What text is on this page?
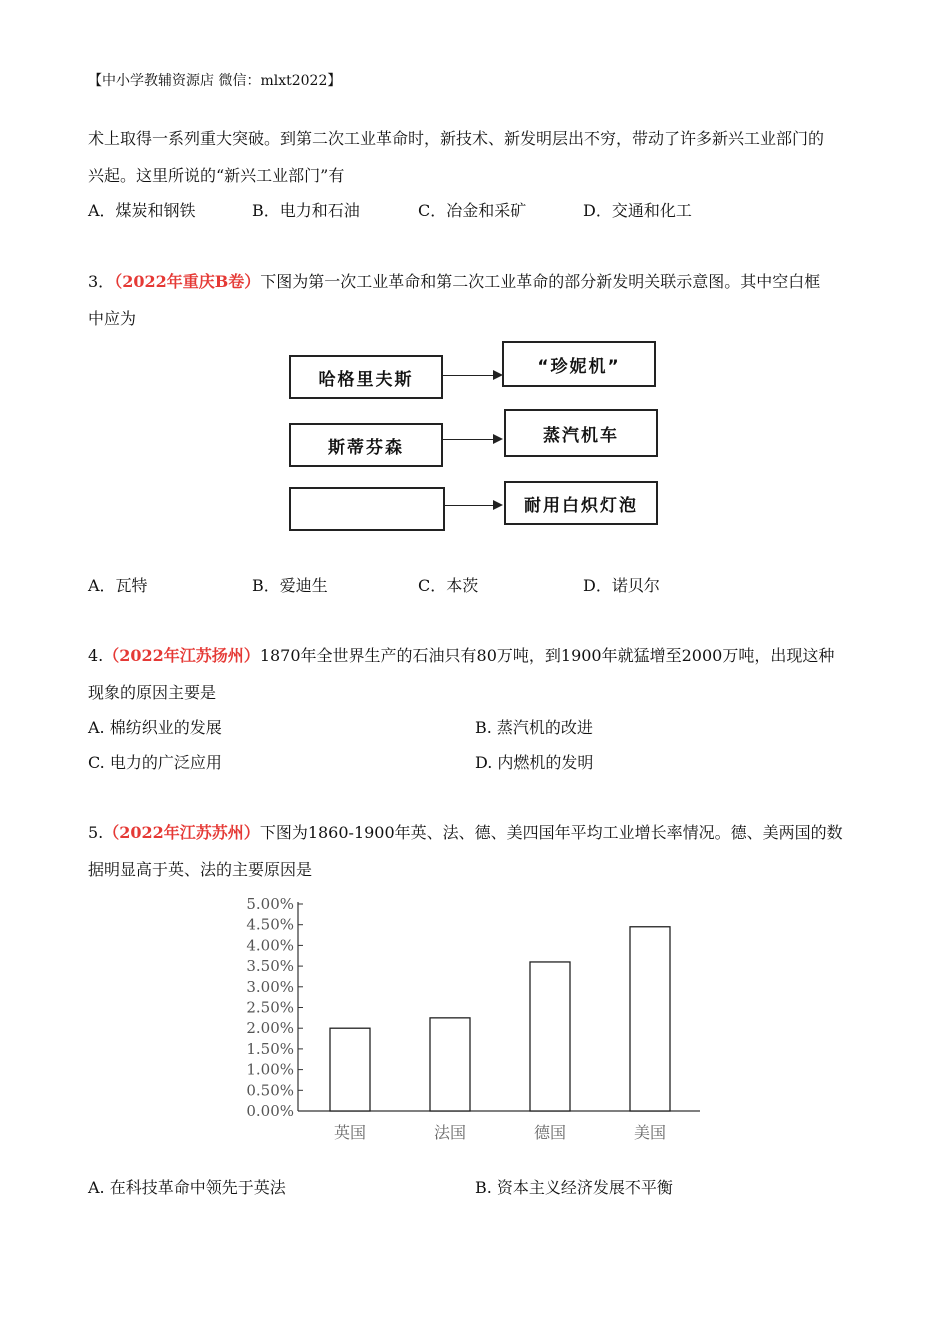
【中小学教辅资源店 微信：mlxt2022】
术上取得一系列重大突破。到第二次工业革命时，新技术、新发明层出不穷，带动了许多新兴工业部门的
兴起。这里所说的“新兴工业部门”有
A．煤炭和钢铁	B．电力和石油	C．冶金和采矿	D．交通和化工
3．（2022年重庆B卷）下图为第一次工业革命和第二次工业革命的部分新发明关联示意图。其中空白框
中应为
哈格里夫斯
“珍妮机”
斯蒂芬森
蒸汽机车
耐用白炽灯泡
A．瓦特	B．爱迪生	C．本茨	D．诺贝尔
4.（2022年江苏扬州）1870年全世界生产的石油只有80万吨，到1900年就猛增至2000万吨，出现这种
现象的原因主要是
A. 棉纺织业的发展	B. 蒸汽机的改进
C. 电力的广泛应用	D. 内燃机的发明
5.（2022年江苏苏州）下图为1860-1900年英、法、德、美四国年平均工业增长率情况。德、美两国的数
据明显高于英、法的主要原因是
0.00%
0.50%
1.00%
1.50%
2.00%
2.50%
3.00%
3.50%
4.00%
4.50%
5.00%
英国	法国	德国	美国
A. 在科技革命中领先于英法	B. 资本主义经济发展不平衡
